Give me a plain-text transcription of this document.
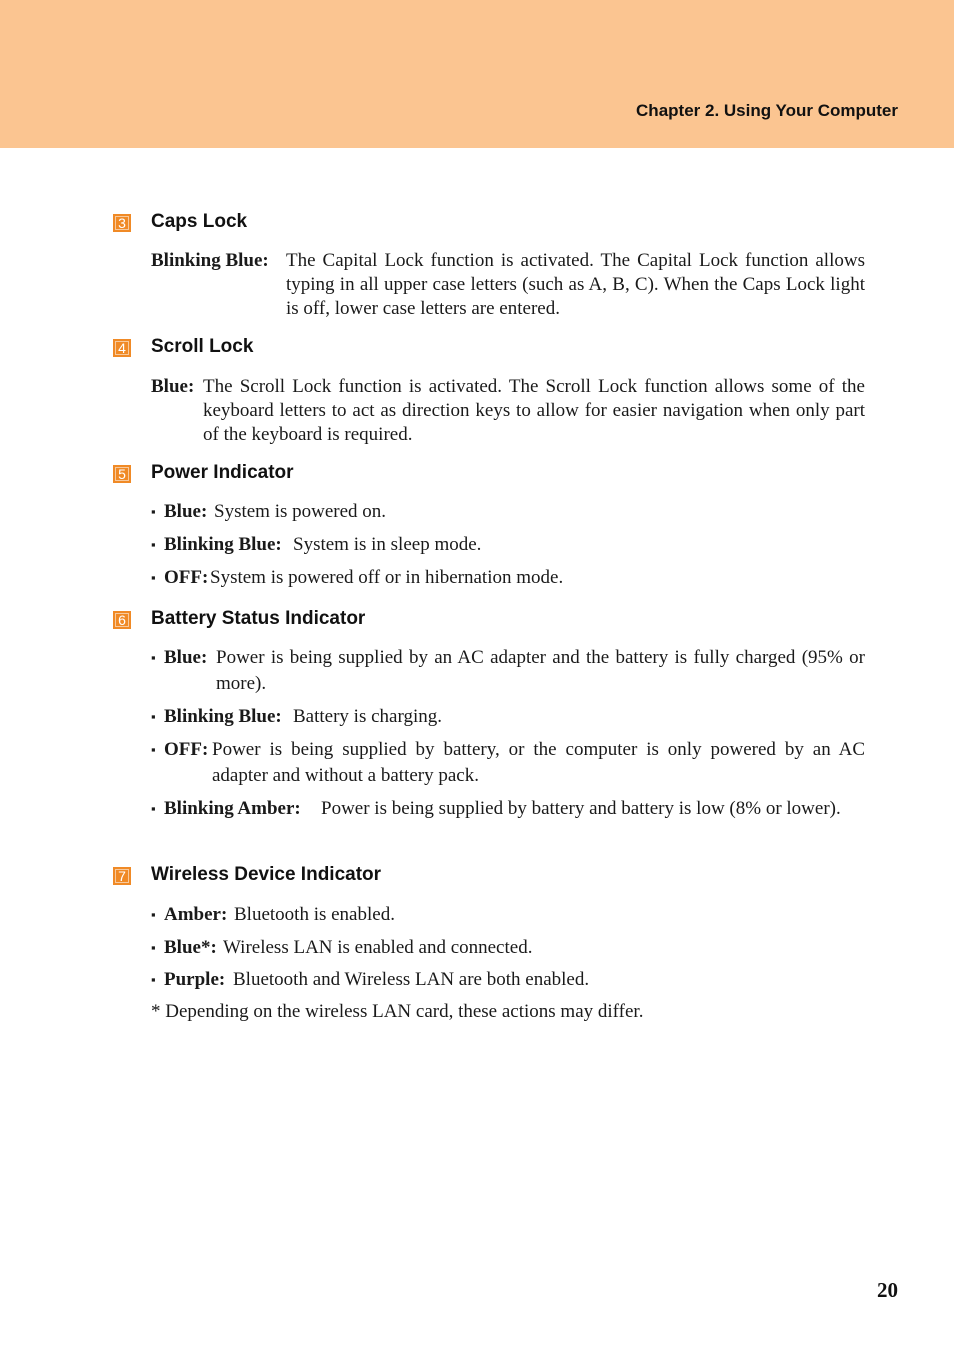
Chapter 2. Using Your Computer
3 Caps Lock
Blinking Blue: The Capital Lock function is activated. The Capital Lock function allows typing in all upper case letters (such as A, B, C). When the Caps Lock light is off, lower case letters are entered.
4 Scroll Lock
Blue: The Scroll Lock function is activated. The Scroll Lock function allows some of the keyboard letters to act as direction keys to allow for easier navigation when only part of the keyboard is required.
5 Power Indicator
▪ Blue: System is powered on.
▪ Blinking Blue: System is in sleep mode.
▪ OFF: System is powered off or in hibernation mode.
6 Battery Status Indicator
▪ Blue: Power is being supplied by an AC adapter and the battery is fully charged (95% or more).
▪ Blinking Blue: Battery is charging.
▪ OFF: Power is being supplied by battery, or the computer is only powered by an AC adapter and without a battery pack.
▪ Blinking Amber: Power is being supplied by battery and battery is low (8% or lower).
7 Wireless Device Indicator
▪ Amber: Bluetooth is enabled.
▪ Blue*: Wireless LAN is enabled and connected.
▪ Purple: Bluetooth and Wireless LAN are both enabled.
* Depending on the wireless LAN card, these actions may differ.
20
